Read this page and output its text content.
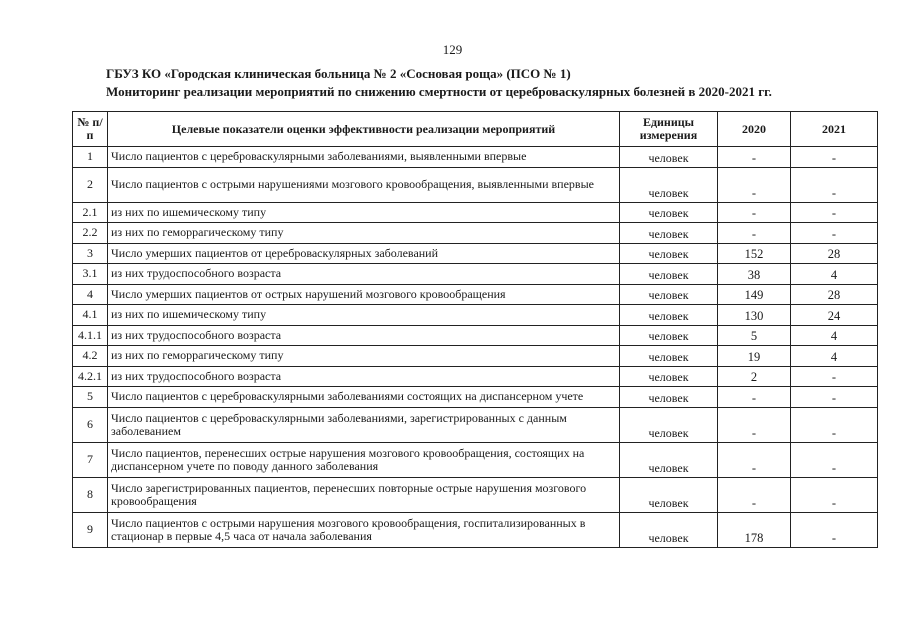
129
ГБУЗ КО «Городская клиническая больница № 2 «Сосновая роща» (ПСО № 1)
Мониторинг реализации мероприятий по снижению смертности от цереброваскулярных болезней в 2020-2021 гг.
№ п/п	Целевые показатели оценки эффективности реализации мероприятий	Единицы измерения	2020	2021
1	Число пациентов с цереброваскулярными заболеваниями, выявленными впервые	человек	-	-
2	Число пациентов с острыми нарушениями мозгового кровообращения, выявленными впервые	человек	-	-
2.1	из них по ишемическому типу	человек	-	-
2.2	из них по геморрагическому типу	человек	-	-
3	Число умерших пациентов от цереброваскулярных заболеваний	человек	152	28
3.1	из них трудоспособного возраста	человек	38	4
4	Число умерших пациентов от острых нарушений мозгового кровообращения	человек	149	28
4.1	из них по ишемическому типу	человек	130	24
4.1.1	из них трудоспособного возраста	человек	5	4
4.2	из них по геморрагическому типу	человек	19	4
4.2.1	из них трудоспособного возраста	человек	2	-
5	Число пациентов с цереброваскулярными заболеваниями состоящих на диспансерном учете	человек	-	-
6	Число пациентов с цереброваскулярными заболеваниями, зарегистрированных с данным заболеванием	человек	-	-
7	Число пациентов, перенесших острые нарушения мозгового кровообращения, состоящих на диспансерном учете по поводу данного заболевания	человек	-	-
8	Число зарегистрированных пациентов, перенесших повторные острые нарушения мозгового кровообращения	человек	-	-
9	Число пациентов с острыми нарушения мозгового кровообращения, госпитализированных в стационар в первые 4,5 часа от начала заболевания	человек	178	-
